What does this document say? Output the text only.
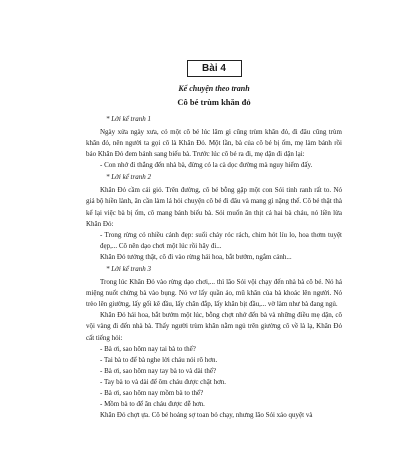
Bài 4
Kể chuyện theo tranh
Cô bé trùm khăn đỏ
* Lời kể tranh 1

Ngày xửa ngày xưa, có một cô bé lúc lâm gì cũng trùm khăn đỏ, đi đâu cũng trùm khăn đỏ, nên người ta gọi cô là Khăn Đỏ. Một lần, bà của cô bé bị ốm, mẹ làm bánh rồi bảo Khăn Đỏ đem bánh sang biếu bà. Trước lúc cô bé ra đi, mẹ dặn đi dặn lại:

- Con nhớ đi thẳng đến nhà bà, đừng có la cà dọc đường mà nguy hiểm đấy.

* Lời kể tranh 2

Khăn Đỏ cầm cái giỏ. Trên đường, cô bé bỗng gặp một con Sói tinh ranh rất to. Nó giả bộ hiền lành, ân cần làm lá hỏi chuyện cô bé đi đâu và mang gì nặng thế. Cô bé thật thà kể lại việc bà bị ốm, cô mang bánh biếu bà. Sói muốn ăn thịt cả hai bà cháu, nó liền lừa Khăn Đỏ:

- Trong rừng có nhiều cảnh đẹp: suối chảy róc rách, chim hót líu lo, hoa thơm tuyệt đẹp,... Cô nên dạo chơi một lúc rồi hãy đi...

Khăn Đỏ tưởng thật, cô đi vào rừng hái hoa, bắt bướm, ngắm cảnh...

* Lời kể tranh 3

Trong lúc Khăn Đỏ vào rừng dạo chơi,... thì lão Sói vội chạy đến nhà bà cô bé. Nó há miệng nuốt chửng bà vào bụng. Nó vơ lấy quần áo, mũ khăn của bà khoác lên người. Nó trèo lên giường, lấy gối kê đầu, lấy chăn đắp, lấy khăn bịt đầu,... vờ làm như bà đang ngủ.

Khăn Đỏ hái hoa, bắt bướm một lúc, bỗng chợt nhớ đến bà và những điều mẹ dặn, cô vội vàng đi đến nhà bà. Thấy người trùm khăn nằm ngủ trên giường cô về là lạ, Khăn Đỏ cất tiếng hỏi:

- Bà ơi, sao hôm nay tai bà to thế?

- Tai bà to để bà nghe lời cháu nói rõ hơn.

- Bà ơi, sao hôm nay tay bà to và dài thế?

- Tay bà to và dài để ôm cháu được chặt hơn.

- Bà ơi, sao hôm nay mồm bà to thế?

- Mồm bà to để ăn cháu được dễ hơn.

Khăn Đỏ chợt ựa. Cô bé hoảng sợ toan bỏ chạy, nhưng lão Sói xảo quyệt và
